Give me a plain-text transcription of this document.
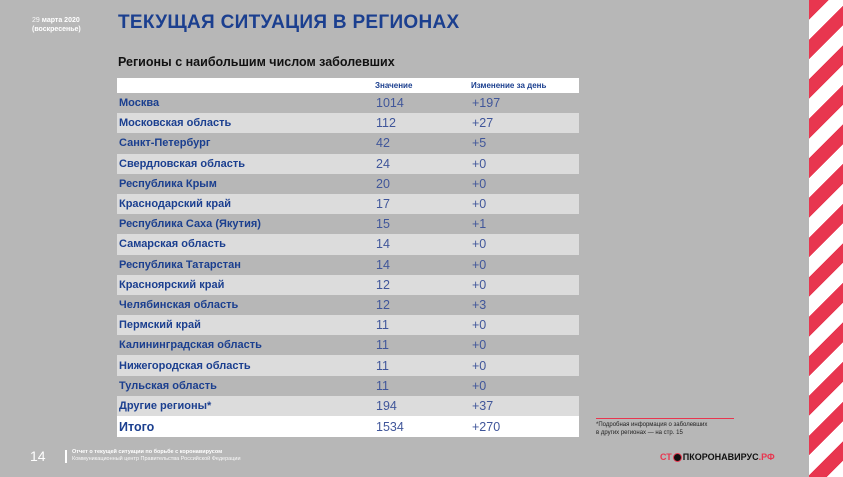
29 марта 2020
(воскресенье) ТЕКУЩАЯ СИТУАЦИЯ В РЕГИОНАХ
Регионы с наибольшим числом заболевших
	Значение	Изменение за день
Москва	1014	+197
Московская область	112	+27
Санкт-Петербург	42	+5
Свердловская область	24	+0
Республика Крым	20	+0
Краснодарский край	17	+0
Республика Саха (Якутия)	15	+1
Самарская область	14	+0
Республика Татарстан	14	+0
Красноярский край	12	+0
Челябинская область	12	+3
Пермский край	11	+0
Калининградская область	11	+0
Нижегородская область	11	+0
Тульская область	11	+0
Другие регионы*	194	+37
Итого	1534	+270	*Подробная информация о заболевших
в других регионах — на стр. 15
14	Отчет о текущей ситуации по борьбе с коронавирусом
Коммуникационный центр Правительства Российской Федерации	СТ ПКОРОНАВИРУС .РФ
